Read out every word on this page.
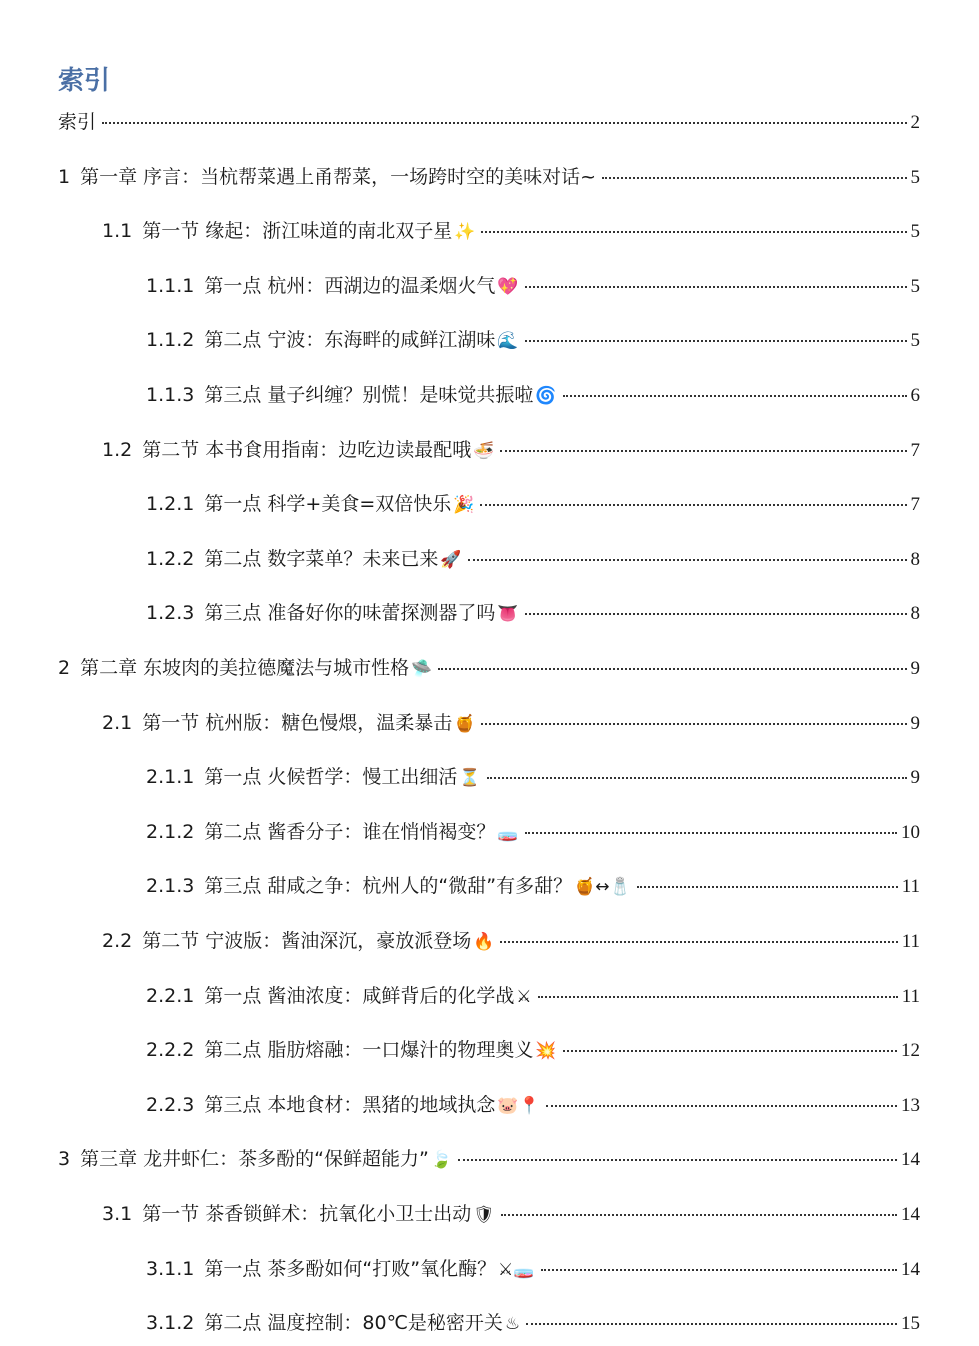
索引
索引	2
1 第一章 序言：当杭帮菜遇上甬帮菜，一场跨时空的美味对话~	5
1.1 第一节 缘起：浙江味道的南北双子星 ✨	5
1.1.1 第一点 杭州：西湖边的温柔烟火气 💖	5
1.1.2 第二点 宁波：东海畔的咸鲜江湖味 🌊	5
1.1.3 第三点 量子纠缠？别慌！是味觉共振啦 🌀	6
1.2 第二节 本书食用指南：边吃边读最配哦 🍜	7
1.2.1 第一点 科学+美食=双倍快乐 🎉	7
1.2.2 第二点 数字菜单？未来已来 🚀	8
1.2.3 第三点 准备好你的味蕾探测器了吗 👅	8
2 第二章 东坡肉的美拉德魔法与城市性格 🛸	9
2.1 第一节 杭州版：糖色慢煨，温柔暴击 🍯	9
2.1.1 第一点 火候哲学：慢工出细活 ⏳	9
2.1.2 第二点 酱香分子：谁在悄悄褐变？ 🧫	10
2.1.3 第三点 甜咸之争：杭州人的“微甜”有多甜？ 🍯↔🧂	11
2.2 第二节 宁波版：酱油深沉，豪放派登场 🔥	11
2.2.1 第一点 酱油浓度：咸鲜背后的化学战 ⚔	11
2.2.2 第二点 脂肪熔融：一口爆汁的物理奥义 💥	12
2.2.3 第三点 本地食材：黑猪的地域执念 🐷📍	13
3 第三章 龙井虾仁：茶多酚的“保鲜超能力” 🍃	14
3.1 第一节 茶香锁鲜术：抗氧化小卫士出动 🛡	14
3.1.1 第一点 茶多酚如何“打败”氧化酶？ ⚔🧫	14
3.1.2 第二点 温度控制：80℃是秘密开关 ♨	15
